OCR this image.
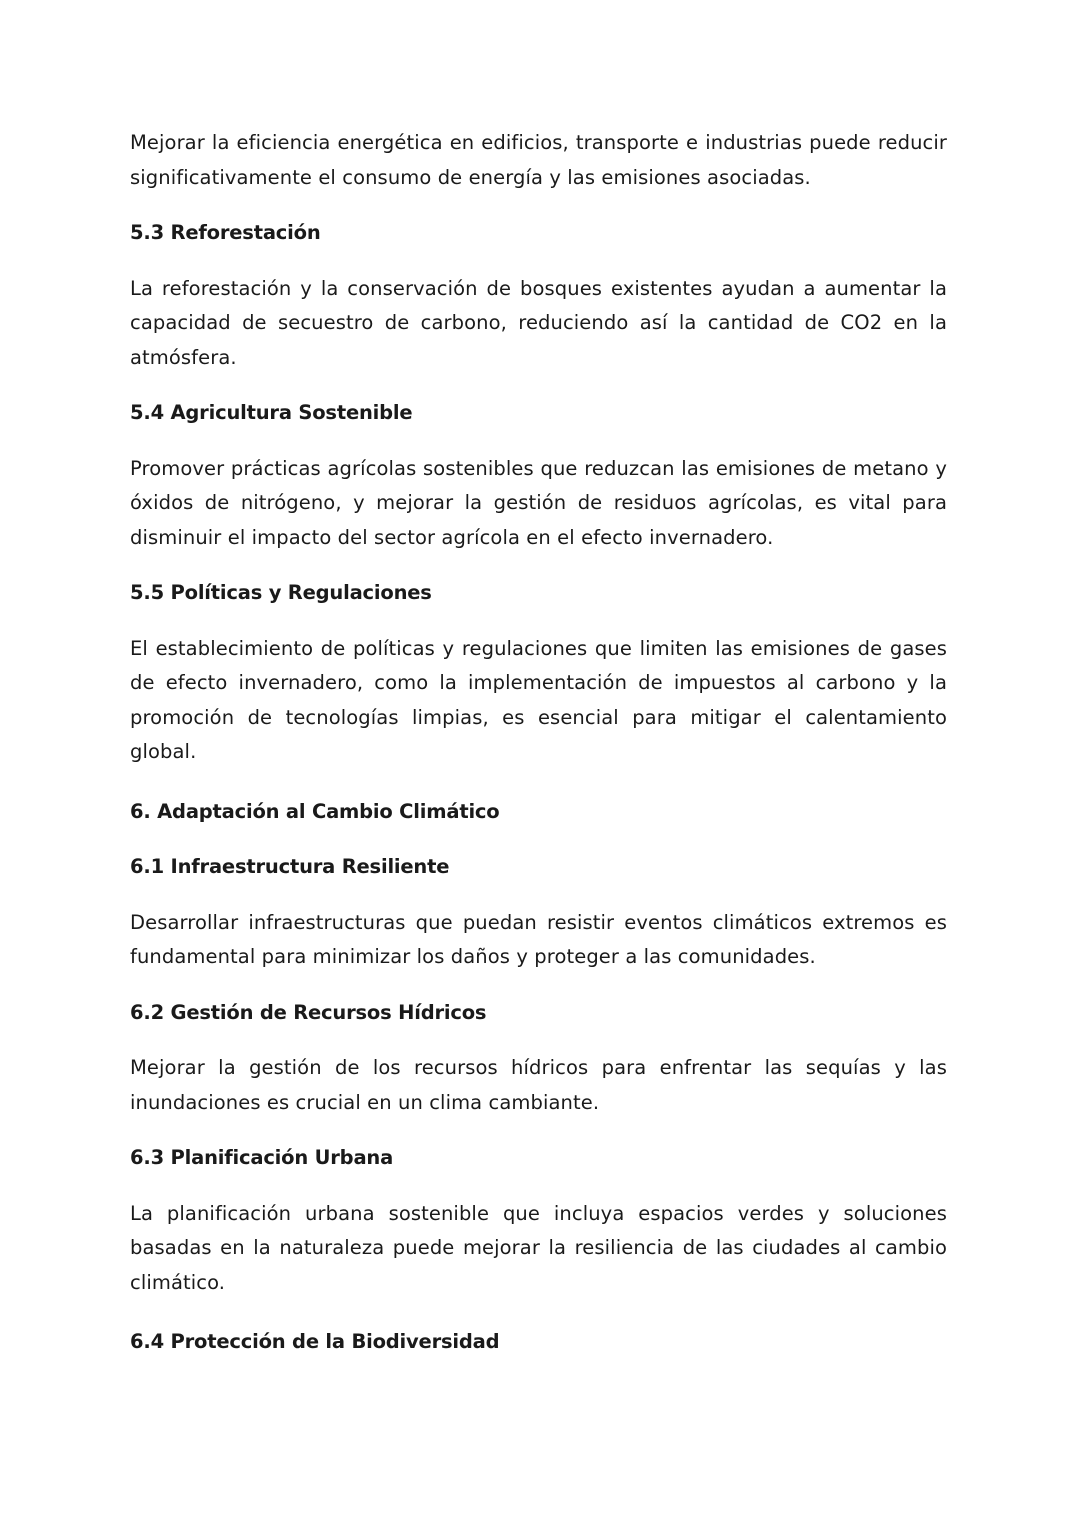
Mejorar la eficiencia energética en edificios, transporte e industrias puede reducir significativamente el consumo de energía y las emisiones asociadas.

5.3 Reforestación

La reforestación y la conservación de bosques existentes ayudan a aumentar la capacidad de secuestro de carbono, reduciendo así la cantidad de CO2 en la atmósfera.

5.4 Agricultura Sostenible

Promover prácticas agrícolas sostenibles que reduzcan las emisiones de metano y óxidos de nitrógeno, y mejorar la gestión de residuos agrícolas, es vital para disminuir el impacto del sector agrícola en el efecto invernadero.

5.5 Políticas y Regulaciones

El establecimiento de políticas y regulaciones que limiten las emisiones de gases de efecto invernadero, como la implementación de impuestos al carbono y la promoción de tecnologías limpias, es esencial para mitigar el calentamiento global.

6. Adaptación al Cambio Climático
6.1 Infraestructura Resiliente

Desarrollar infraestructuras que puedan resistir eventos climáticos extremos es fundamental para minimizar los daños y proteger a las comunidades.

6.2 Gestión de Recursos Hídricos

Mejorar la gestión de los recursos hídricos para enfrentar las sequías y las inundaciones es crucial en un clima cambiante.

6.3 Planificación Urbana

La planificación urbana sostenible que incluya espacios verdes y soluciones basadas en la naturaleza puede mejorar la resiliencia de las ciudades al cambio climático.

6.4 Protección de la Biodiversidad
